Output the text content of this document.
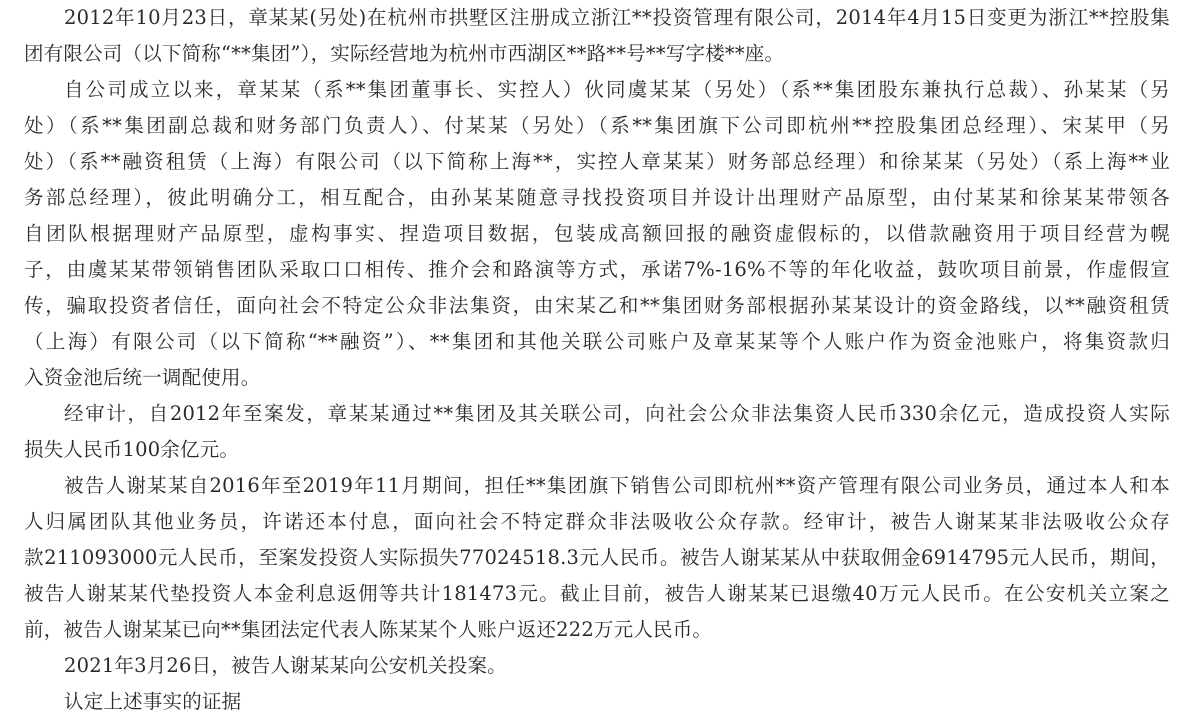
2012年10月23日，章某某(另处)在杭州市拱墅区注册成立浙江**投资管理有限公司，2014年4月15日变更为浙江**控股集
团有限公司（以下简称“**集团”），实际经营地为杭州市西湖区**路**号**写字楼**座。
自公司成立以来，章某某（系**集团董事长、实控人）伙同虞某某（另处）（系**集团股东兼执行总裁）、孙某某（另
处）（系**集团副总裁和财务部门负责人）、付某某（另处）（系**集团旗下公司即杭州**控股集团总经理）、宋某甲（另
处）（系**融资租赁（上海）有限公司（以下简称上海**，实控人章某某）财务部总经理）和徐某某（另处）（系上海**业
务部总经理），彼此明确分工，相互配合，由孙某某随意寻找投资项目并设计出理财产品原型，由付某某和徐某某带领各
自团队根据理财产品原型，虚构事实、捏造项目数据，包装成高额回报的融资虚假标的，以借款融资用于项目经营为幌
子，由虞某某带领销售团队采取口口相传、推介会和路演等方式，承诺7%-16%不等的年化收益，鼓吹项目前景，作虚假宣
传，骗取投资者信任，面向社会不特定公众非法集资，由宋某乙和**集团财务部根据孙某某设计的资金路线，以**融资租赁
（上海）有限公司（以下简称“**融资”）、**集团和其他关联公司账户及章某某等个人账户作为资金池账户，将集资款归
入资金池后统一调配使用。
经审计，自2012年至案发，章某某通过**集团及其关联公司，向社会公众非法集资人民币330余亿元，造成投资人实际
损失人民币100余亿元。
被告人谢某某自2016年至2019年11月期间，担任**集团旗下销售公司即杭州**资产管理有限公司业务员，通过本人和本
人归属团队其他业务员，许诺还本付息，面向社会不特定群众非法吸收公众存款。经审计，被告人谢某某非法吸收公众存
款211093000元人民币，至案发投资人实际损失77024518.3元人民币。被告人谢某某从中获取佣金6914795元人民币，期间，
被告人谢某某代垫投资人本金利息返佣等共计181473元。截止目前，被告人谢某某已退缴40万元人民币。在公安机关立案之
前，被告人谢某某已向**集团法定代表人陈某某个人账户返还222万元人民币。
2021年3月26日，被告人谢某某向公安机关投案。
认定上述事实的证据
